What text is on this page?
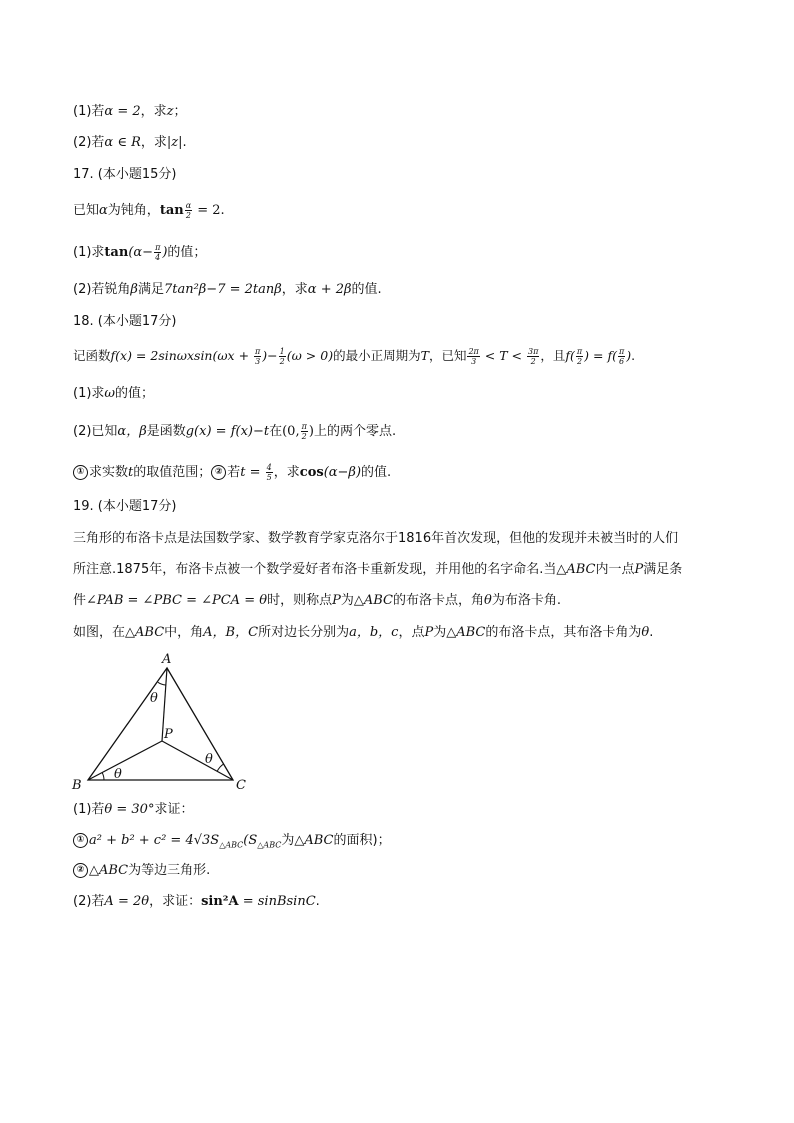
(1)若α = 2，求z；
(2)若α ∈ R，求|z|.
17. (本小题15分)
已知α为钝角，$\tan \frac{\alpha}{2} = 2$.
(1)求$\tan(\alpha- \frac{\pi}{4}$ )的值；
(2)若锐角β满足7tan²β−7 = 2tanβ，求α + 2β的值.
18. (本小题17分)
记函数$f(x) = 2\sin\omega xsin(\omega x + \frac{\pi}{3}$ )− $\frac{1}{2} (\omega > 0)$的最小正周期为T，已知 $\frac{2\pi}{3} < T < \frac{3\pi}{2}$ ，且$f( \frac{\pi}{2}$ ) = $f( \frac{\pi}{6}$ ).
(1)求ω的值；
(2)已知α，β是函数g(x) = f(x)−t在(0, $\frac{\pi}{2}$ )上的两个零点.
① 求实数t的取值范围； ② 若$t = \frac{4}{5}$ ，求cos(α−β)的值.
19. (本小题17分)
三角形的布洛卡点是法国数学家、数学教育学家克洛尔于1816年首次发现，但他的发现并未被当时的人们
所注意.1875年，布洛卡点被一个数学爱好者布洛卡重新发现，并用他的名字命名.当△ABC内一点P满足条
件∠PAB = ∠PBC = ∠PCA = θ时，则称点P为△ABC的布洛卡点，角θ为布洛卡角.
如图，在△ABC中，角A，B，C所对边长分别为a，b，c，点P为△ABC的布洛卡点，其布洛卡角为θ.
A
B	C
P
θ
θ
θ
(1)若θ = 30°求证：
① $a^2 + b^2 + c^2 = 4√3S_{\triangle ABC}(S_{\triangle ABC}$为△ABC的面积)；
② △ABC为等边三角形.
(2)若A = 2θ，求证：sin²A = sinBsinC.
